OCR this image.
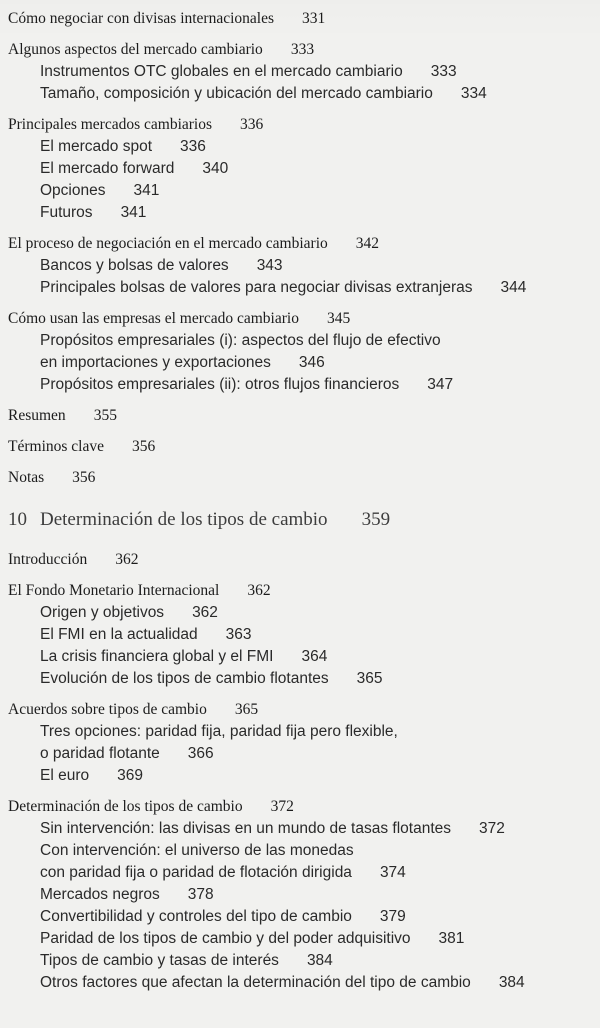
Cómo negociar con divisas internacionales 331
Algunos aspectos del mercado cambiario 333
Instrumentos OTC globales en el mercado cambiario 333
Tamaño, composición y ubicación del mercado cambiario 334
Principales mercados cambiarios 336
El mercado spot 336
El mercado forward 340
Opciones 341
Futuros 341
El proceso de negociación en el mercado cambiario 342
Bancos y bolsas de valores 343
Principales bolsas de valores para negociar divisas extranjeras 344
Cómo usan las empresas el mercado cambiario 345
Propósitos empresariales (i): aspectos del flujo de efectivo
en importaciones y exportaciones 346
Propósitos empresariales (ii): otros flujos financieros 347
Resumen 355
Términos clave 356
Notas 356
10 Determinación de los tipos de cambio 359
Introducción 362
El Fondo Monetario Internacional 362
Origen y objetivos 362
El FMI en la actualidad 363
La crisis financiera global y el FMI 364
Evolución de los tipos de cambio flotantes 365
Acuerdos sobre tipos de cambio 365
Tres opciones: paridad fija, paridad fija pero flexible,
o paridad flotante 366
El euro 369
Determinación de los tipos de cambio 372
Sin intervención: las divisas en un mundo de tasas flotantes 372
Con intervención: el universo de las monedas
con paridad fija o paridad de flotación dirigida 374
Mercados negros 378
Convertibilidad y controles del tipo de cambio 379
Paridad de los tipos de cambio y del poder adquisitivo 381
Tipos de cambio y tasas de interés 384
Otros factores que afectan la determinación del tipo de cambio 384
